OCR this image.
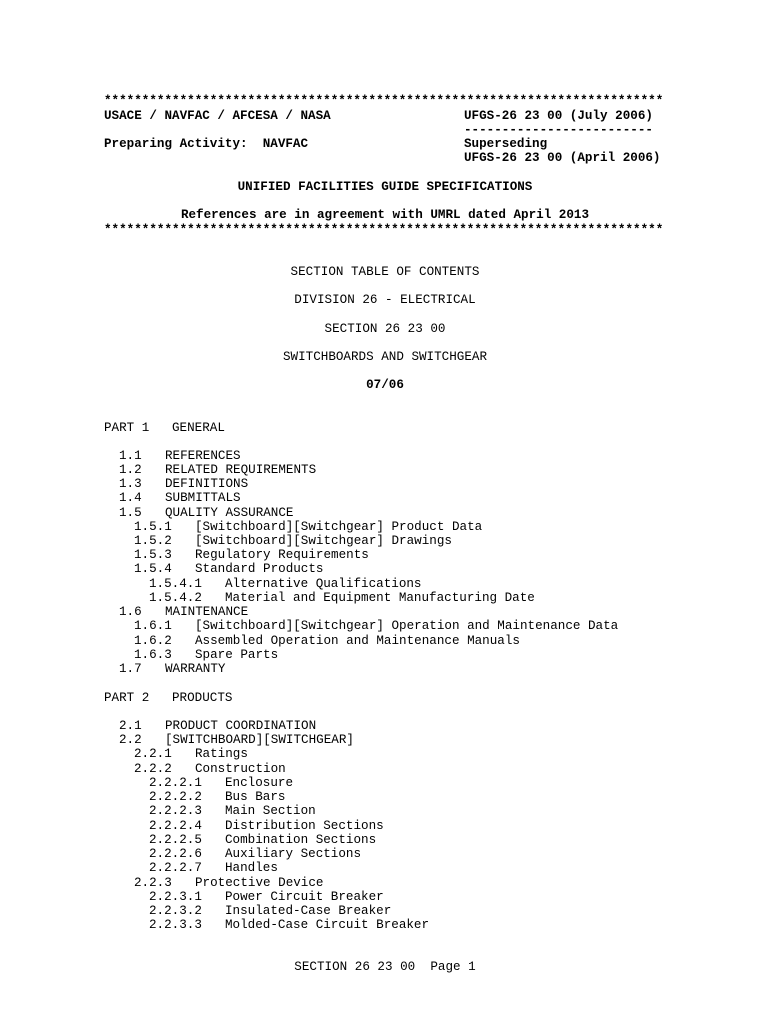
**************************************************************************
USACE / NAVFAC / AFCESA / NASA	UFGS-26 23 00 (July 2006)
-------------------------
Preparing Activity:  NAVFAC	Superseding
UFGS-26 23 00 (April 2006)
UNIFIED FACILITIES GUIDE SPECIFICATIONS
References are in agreement with UMRL dated April 2013
**************************************************************************
SECTION TABLE OF CONTENTS
DIVISION 26 - ELECTRICAL
SECTION 26 23 00
SWITCHBOARDS AND SWITCHGEAR
07/06
PART 1 GENERAL
1.1 REFERENCES
1.2 RELATED REQUIREMENTS
1.3 DEFINITIONS
1.4 SUBMITTALS
1.5 QUALITY ASSURANCE
1.5.1 [Switchboard][Switchgear] Product Data
1.5.2 [Switchboard][Switchgear] Drawings
1.5.3 Regulatory Requirements
1.5.4 Standard Products
1.5.4.1 Alternative Qualifications
1.5.4.2 Material and Equipment Manufacturing Date
1.6 MAINTENANCE
1.6.1 [Switchboard][Switchgear] Operation and Maintenance Data
1.6.2 Assembled Operation and Maintenance Manuals
1.6.3 Spare Parts
1.7 WARRANTY
PART 2 PRODUCTS
2.1 PRODUCT COORDINATION
2.2 [SWITCHBOARD][SWITCHGEAR]
2.2.1 Ratings
2.2.2 Construction
2.2.2.1 Enclosure
2.2.2.2 Bus Bars
2.2.2.3 Main Section
2.2.2.4 Distribution Sections
2.2.2.5 Combination Sections
2.2.2.6 Auxiliary Sections
2.2.2.7 Handles
2.2.3 Protective Device
2.2.3.1 Power Circuit Breaker
2.2.3.2 Insulated-Case Breaker
2.2.3.3 Molded-Case Circuit Breaker
SECTION 26 23 00  Page 1
